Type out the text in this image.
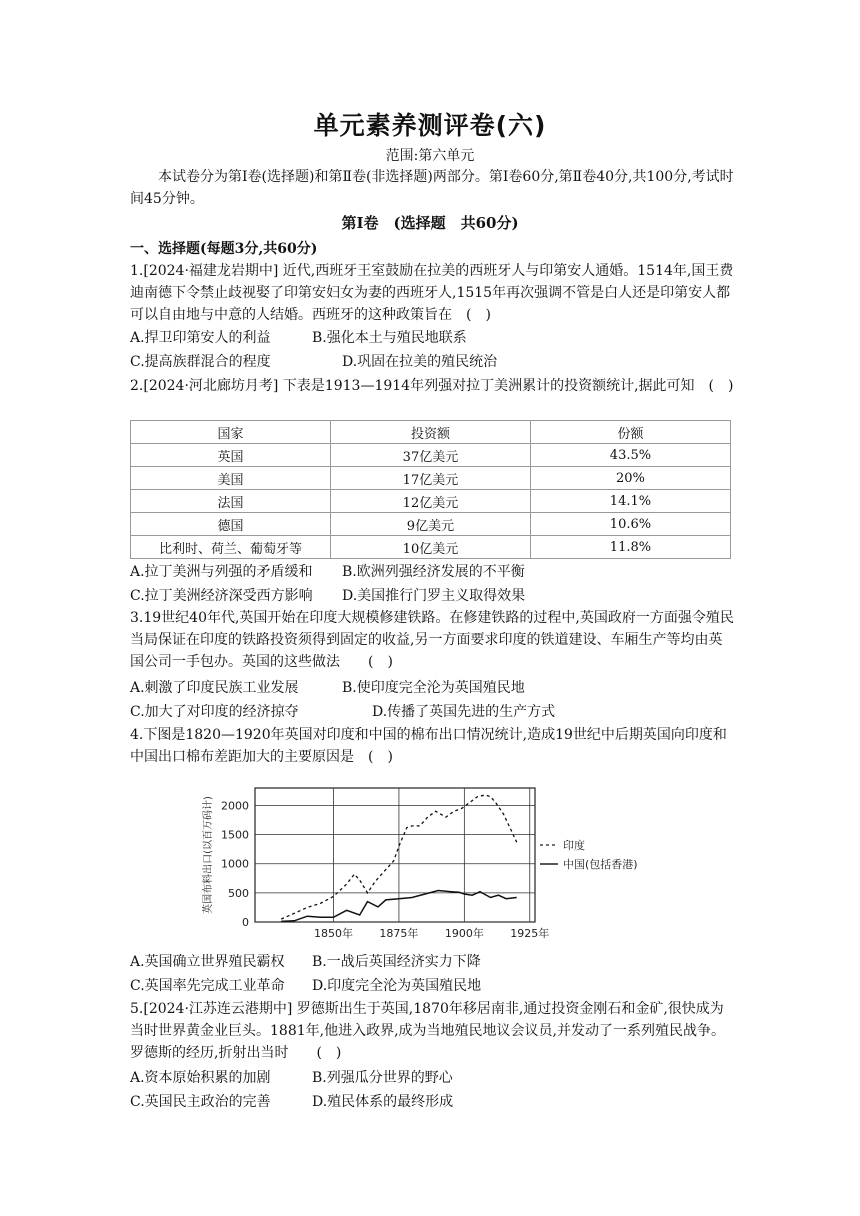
单元素养测评卷(六)
范围:第六单元
本试卷分为第Ⅰ卷(选择题)和第Ⅱ卷(非选择题)两部分。第Ⅰ卷60分,第Ⅱ卷40分,共100分,考试时间45分钟。
第Ⅰ卷　(选择题　共60分)
一、选择题(每题3分,共60分)
1.[2024·福建龙岩期中] 近代,西班牙王室鼓励在拉美的西班牙人与印第安人通婚。1514年,国王费迪南德下令禁止歧视娶了印第安妇女为妻的西班牙人,1515年再次强调不管是白人还是印第安人都可以自由地与中意的人结婚。西班牙的这种政策旨在　(　)
A.捍卫印第安人的利益	B.强化本土与殖民地联系
C.提高族群混合的程度	D.巩固在拉美的殖民统治
2.[2024·河北廊坊月考] 下表是1913—1914年列强对拉丁美洲累计的投资额统计,据此可知　(　)
国家	投资额	份额
英国	37亿美元	43.5%
美国	17亿美元	20%
法国	12亿美元	14.1%
德国	9亿美元	10.6%
比利时、荷兰、葡萄牙等	10亿美元	11.8%
A.拉丁美洲与列强的矛盾缓和 B.欧洲列强经济发展的不平衡
C.拉丁美洲经济深受西方影响 D.美国推行门罗主义取得效果
3.19世纪40年代,英国开始在印度大规模修建铁路。在修建铁路的过程中,英国政府一方面强令殖民当局保证在印度的铁路投资须得到固定的收益,另一方面要求印度的铁道建设、车厢生产等均由英国公司一手包办。英国的这些做法　　(　)
A.刺激了印度民族工业发展	B.使印度完全沦为英国殖民地
C.加大了对印度的经济掠夺	D.传播了英国先进的生产方式
4.下图是1820—1920年英国对印度和中国的棉布出口情况统计,造成19世纪中后期英国向印度和中国出口棉布差距加大的主要原因是　(　)
0
500
1000
1500
2000
1850年 1875年 1900年 1925年
英国布料出口(以百万码计)	印度
中国(包括香港)
A.英国确立世界殖民霸权 B.一战后英国经济实力下降
C.英国率先完成工业革命 D.印度完全沦为英国殖民地
5.[2024·江苏连云港期中] 罗德斯出生于英国,1870年移居南非,通过投资金刚石和金矿,很快成为当时世界黄金业巨头。1881年,他进入政界,成为当地殖民地议会议员,并发动了一系列殖民战争。罗德斯的经历,折射出当时　　(　)
A.资本原始积累的加剧	B.列强瓜分世界的野心
C.英国民主政治的完善	D.殖民体系的最终形成
